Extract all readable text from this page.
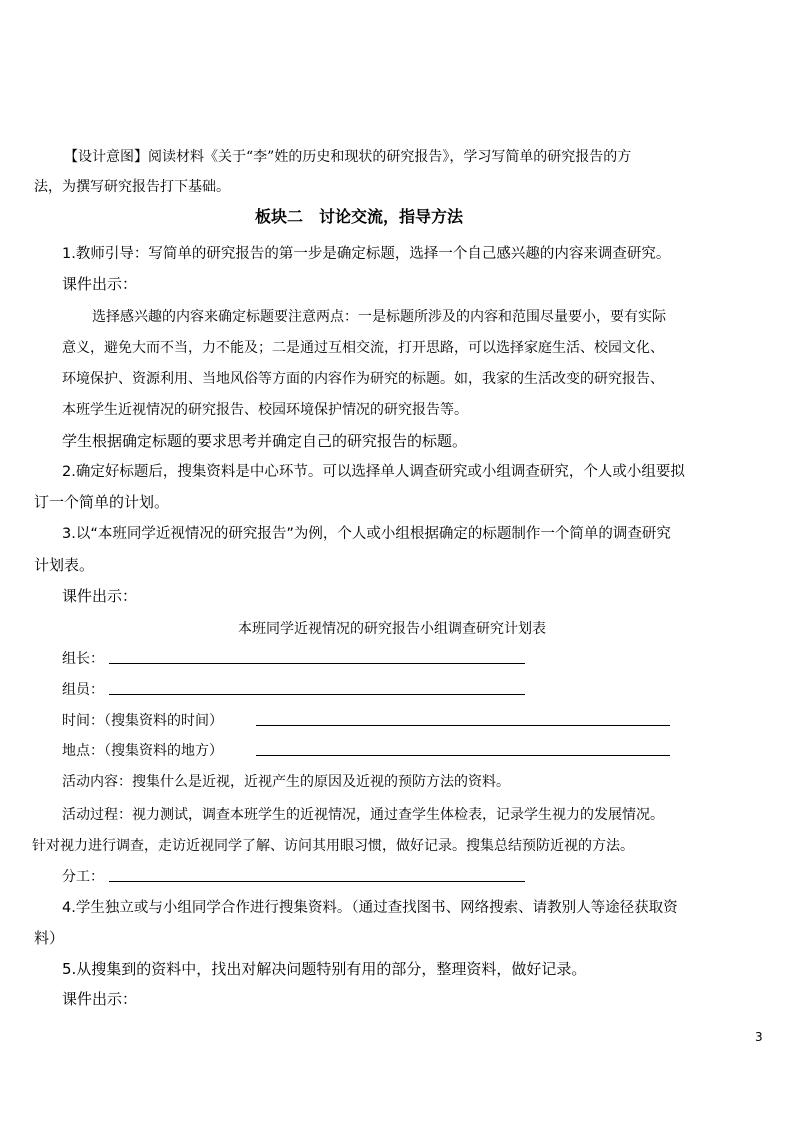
【设计意图】阅读材料《关于“李”姓的历史和现状的研究报告》，学习写简单的研究报告的方
法，为撰写研究报告打下基础。
板块二　讨论交流，指导方法
1.教师引导：写简单的研究报告的第一步是确定标题，选择一个自己感兴趣的内容来调查研究。
课件出示：
选择感兴趣的内容来确定标题要注意两点：一是标题所涉及的内容和范围尽量要小，要有实际
意义，避免大而不当，力不能及；二是通过互相交流，打开思路，可以选择家庭生活、校园文化、
环境保护、资源利用、当地风俗等方面的内容作为研究的标题。如，我家的生活改变的研究报告、
本班学生近视情况的研究报告、校园环境保护情况的研究报告等。
学生根据确定标题的要求思考并确定自己的研究报告的标题。
2.确定好标题后，搜集资料是中心环节。可以选择单人调查研究或小组调查研究，个人或小组要拟
订一个简单的计划。
3.以“本班同学近视情况的研究报告”为例，个人或小组根据确定的标题制作一个简单的调查研究
计划表。
课件出示：
本班同学近视情况的研究报告小组调查研究计划表
组长：
组员：
时间：（搜集资料的时间）
地点：（搜集资料的地方）
活动内容：搜集什么是近视，近视产生的原因及近视的预防方法的资料。
活动过程：视力测试，调查本班学生的近视情况，通过查学生体检表，记录学生视力的发展情况。
针对视力进行调查，走访近视同学了解、访问其用眼习惯，做好记录。搜集总结预防近视的方法。
分工：
4.学生独立或与小组同学合作进行搜集资料。（通过查找图书、网络搜索、请教别人等途径获取资
料）
5.从搜集到的资料中，找出对解决问题特别有用的部分，整理资料，做好记录。
课件出示：
3
